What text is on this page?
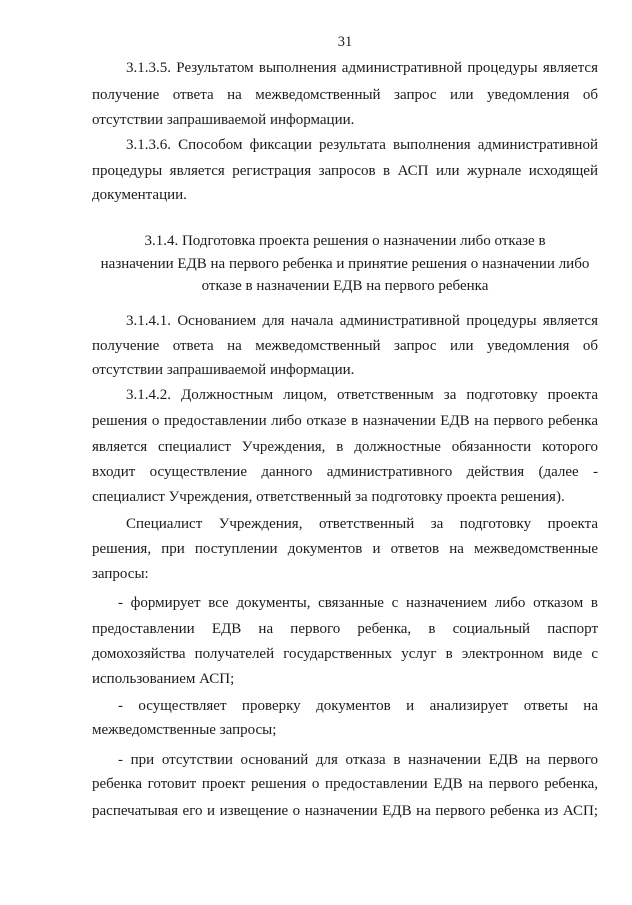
31
3.1.3.5. Результатом выполнения административной процедуры является
получение ответа на межведомственный запрос или уведомления об
отсутствии запрашиваемой информации.
3.1.3.6. Способом фиксации результата выполнения административной
процедуры является регистрация запросов в АСП или журнале исходящей
документации.
3.1.4. Подготовка проекта решения о назначении либо отказе в
назначении ЕДВ на первого ребенка и принятие решения о назначении либо
отказе в назначении ЕДВ на первого ребенка
3.1.4.1. Основанием для начала административной процедуры является
получение ответа на межведомственный запрос или уведомления об
отсутствии запрашиваемой информации.
3.1.4.2. Должностным лицом, ответственным за подготовку проекта
решения о предоставлении либо отказе в назначении ЕДВ на первого ребенка
является специалист Учреждения, в должностные обязанности которого
входит осуществление данного административного действия (далее -
специалист Учреждения, ответственный за подготовку проекта решения).
Специалист Учреждения, ответственный за подготовку проекта
решения, при поступлении документов и ответов на межведомственные
запросы:
- формирует все документы, связанные с назначением либо отказом в
предоставлении ЕДВ на первого ребенка, в социальный паспорт
домохозяйства получателей государственных услуг в электронном виде с
использованием АСП;
- осуществляет проверку документов и анализирует ответы на
межведомственные запросы;
- при отсутствии оснований для отказа в назначении ЕДВ на первого
ребенка готовит проект решения о предоставлении ЕДВ на первого ребенка,
распечатывая его и извещение о назначении ЕДВ на первого ребенка из АСП;
